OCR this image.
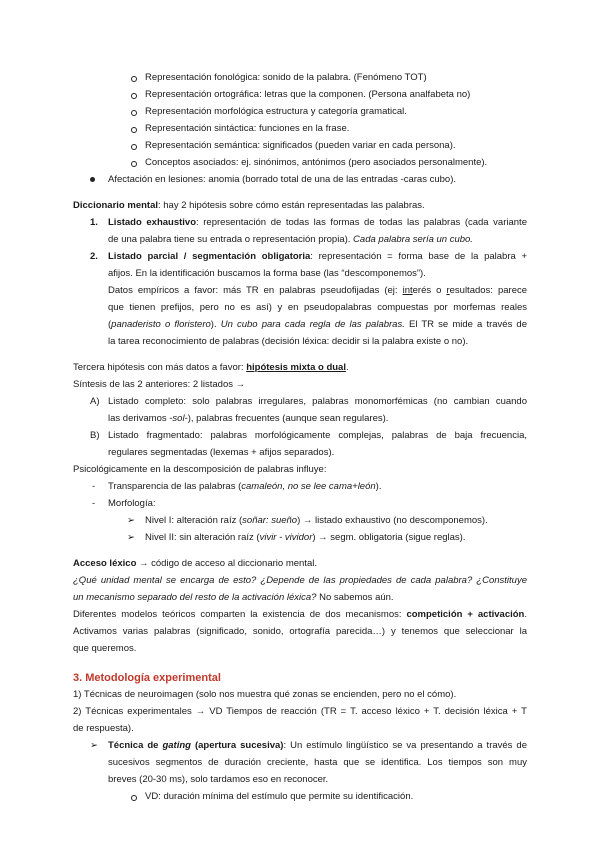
Representación fonológica: sonido de la palabra. (Fenómeno TOT)
Representación ortográfica: letras que la componen. (Persona analfabeta no)
Representación morfológica estructura y categoría gramatical.
Representación sintáctica: funciones en la frase.
Representación semántica: significados (pueden variar en cada persona).
Conceptos asociados: ej. sinónimos, antónimos (pero asociados personalmente).
Afectación en lesiones: anomia (borrado total de una de las entradas -caras cubo).
Diccionario mental: hay 2 hipótesis sobre cómo están representadas las palabras.
1. Listado exhaustivo: representación de todas las formas de todas las palabras (cada variante
de una palabra tiene su entrada o representación propia). Cada palabra sería un cubo.
2. Listado parcial / segmentación obligatoria: representación = forma base de la palabra +
afijos. En la identificación buscamos la forma base (las “descomponemos”).
Datos empíricos a favor: más TR en palabras pseudofijadas (ej: interés o resultados: parece
que tienen prefijos, pero no es así) y en pseudopalabras compuestas por morfemas reales
(panaderisto o floristero). Un cubo para cada regla de las palabras. El TR se mide a través de
la tarea reconocimiento de palabras (decisión léxica: decidir si la palabra existe o no).
Tercera hipótesis con más datos a favor: hipótesis mixta o dual.
Síntesis de las 2 anteriores: 2 listados →
A) Listado completo: solo palabras irregulares, palabras monomorfémicas (no cambian cuando
las derivamos -sol-), palabras frecuentes (aunque sean regulares).
B) Listado fragmentado: palabras morfológicamente complejas, palabras de baja frecuencia,
regulares segmentadas (lexemas + afijos separados).
Psicológicamente en la descomposición de palabras influye:
- Transparencia de las palabras (camaleón, no se lee cama+león).
- Morfología:
➢ Nivel I: alteración raíz (soñar: sueño) → listado exhaustivo (no descomponemos).
➢ Nivel II: sin alteración raíz (vivir - vividor) → segm. obligatoria (sigue reglas).
Acceso léxico → código de acceso al diccionario mental.
¿Qué unidad mental se encarga de esto? ¿Depende de las propiedades de cada palabra? ¿Constituye
un mecanismo separado del resto de la activación léxica? No sabemos aún.
Diferentes modelos teóricos comparten la existencia de dos mecanismos: competición + activación.
Activamos varias palabras (significado, sonido, ortografía parecida…) y tenemos que seleccionar la
que queremos.
3. Metodología experimental
1) Técnicas de neuroimagen (solo nos muestra qué zonas se encienden, pero no el cómo).
2) Técnicas experimentales → VD Tiempos de reacción (TR = T. acceso léxico + T. decisión léxica + T
de respuesta).
➢ Técnica de gating (apertura sucesiva): Un estímulo lingüístico se va presentando a través de
sucesivos segmentos de duración creciente, hasta que se identifica. Los tiempos son muy
breves (20-30 ms), solo tardamos eso en reconocer.
VD: duración mínima del estímulo que permite su identificación.
